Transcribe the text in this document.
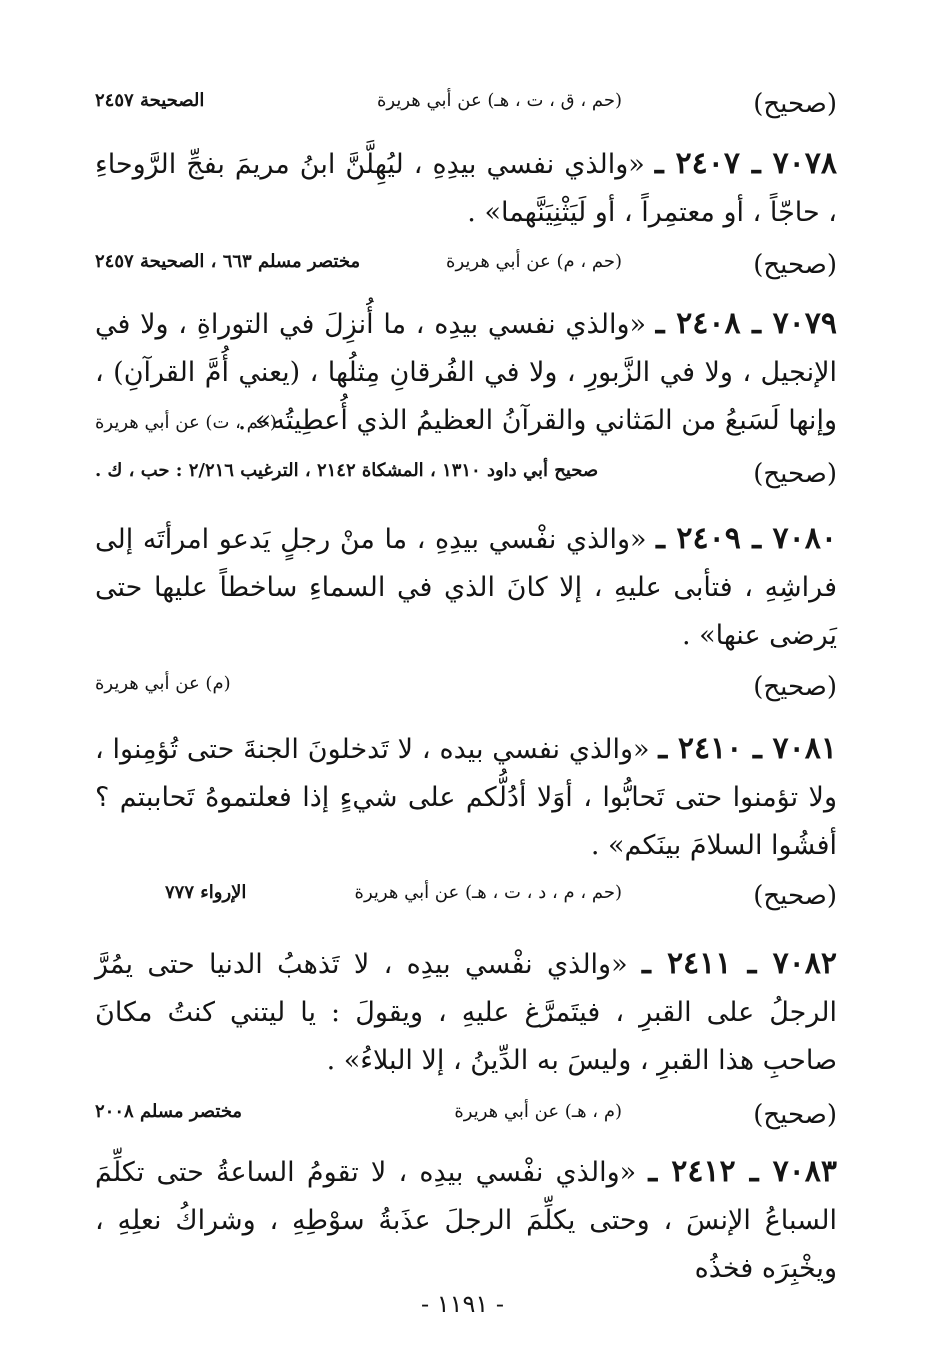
(صحيح)
(حم ، ق ، ت ، هـ) عن أبي هريرة
الصحيحة ٢٤٥٧
٧٠٧٨ ـ ٢٤٠٧ ـ «والذي نفسي بيدِهِ ، ليُهِلَّنَّ ابنُ مريمَ بفجِّ الرَّوحاءِ ، حاجّاً ، أو معتمِراً ، أو لَيَثْنِيَنَّهما» .
(صحيح)
(حم ، م) عن أبي هريرة
مختصر مسلم ٦٦٣ ، الصحيحة ٢٤٥٧
٧٠٧٩ ـ ٢٤٠٨ ـ «والذي نفسي بيدِه ، ما أُنزِلَ في التوراةِ ، ولا في الإنجيل ، ولا في الزَّبورِ ، ولا في الفُرقانِ مِثلُها ، (يعني أُمَّ القرآنِ) ، وإنها لَسَبعُ من المَثاني والقرآنُ العظيمُ الذي أُعطِيتُه» .
(صحيح)
(حم ، ت) عن أبي هريرة
صحيح أبي داود ١٣١٠ ، المشكاة ٢١٤٢ ، الترغيب ٢/٢١٦ : حب ، ك .
٧٠٨٠ ـ ٢٤٠٩ ـ «والذي نفْسي بيدِهِ ، ما منْ رجلٍ يَدعو امرأتَه إلى فراشِهِ ، فتأبى عليهِ ، إلا كانَ الذي في السماءِ ساخطاً عليها حتى يَرضى عنها» .
(صحيح)
(م) عن أبي هريرة
٧٠٨١ ـ ٢٤١٠ ـ «والذي نفسي بيده ، لا تَدخلونَ الجنةَ حتى تُؤمِنوا ، ولا تؤمنوا حتى تَحابُّوا ، أوَلا أدُلُّكم على شيءٍ إذا فعلتموهُ تَحاببتم ؟ أفشُوا السلامَ بينَكم» .
(صحيح)
(حم ، م ، د ، ت ، هـ) عن أبي هريرة
الإرواء ٧٧٧
٧٠٨٢ ـ ٢٤١١ ـ «والذي نفْسي بيدِه ، لا تَذهبُ الدنيا حتى يمُرَّ الرجلُ على القبرِ ، فيتَمرَّغ عليهِ ، ويقولَ : يا ليتني كنتُ مكانَ صاحبِ هذا القبرِ ، وليسَ به الدِّينُ ، إلا البلاءُ» .
(صحيح)
(م ، هـ) عن أبي هريرة
مختصر مسلم ٢٠٠٨
٧٠٨٣ ـ ٢٤١٢ ـ «والذي نفْسي بيدِه ، لا تقومُ الساعةُ حتى تكلِّمَ السباعُ الإنسَ ، وحتى يكلِّمَ الرجلَ عذَبةُ سوْطِهِ ، وشراكُ نعلِهِ ، ويخْبِرَه فخذُه
- ١١٩١ -
